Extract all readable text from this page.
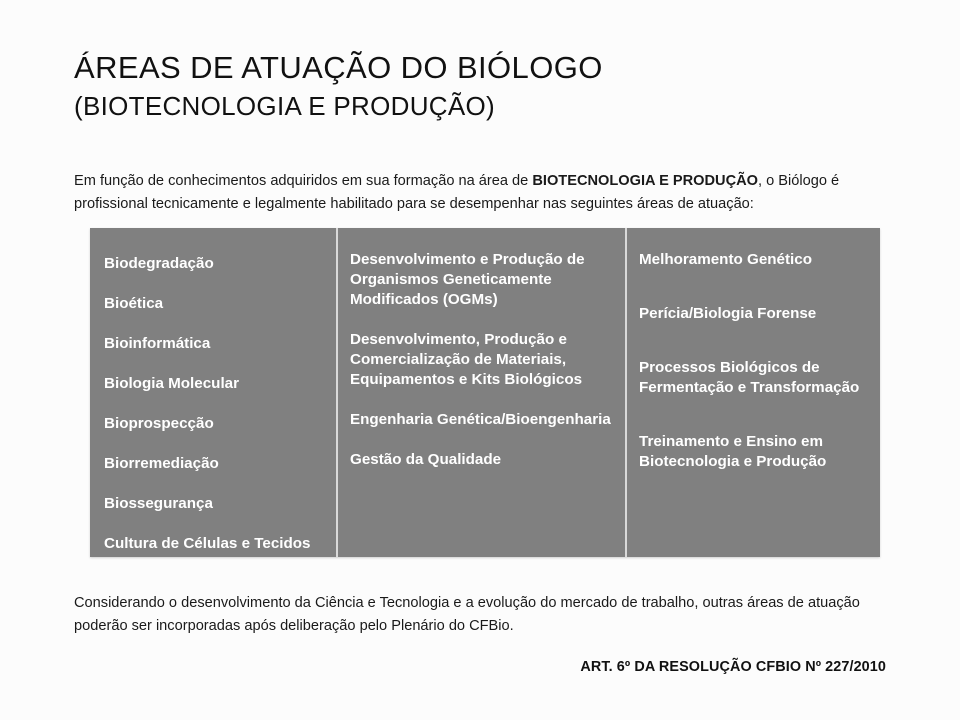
ÁREAS DE ATUAÇÃO DO BIÓLOGO
(BIOTECNOLOGIA E PRODUÇÃO)

Em função de conhecimentos adquiridos em sua formação na área de BIOTECNOLOGIA E PRODUÇÃO, o Biólogo é profissional tecnicamente e legalmente habilitado para se desempenhar nas seguintes áreas de atuação:

Biodegradação
Bioética
Bioinformática
Biologia Molecular
Bioprospecção
Biorremediação
Biossegurança
Cultura de Células e Tecidos
Desenvolvimento e Produção de Organismos Geneticamente Modificados (OGMs)
Desenvolvimento, Produção e Comercialização de Materiais, Equipamentos e Kits Biológicos
Engenharia Genética/Bioengenharia
Gestão da Qualidade
Melhoramento Genético
Perícia/Biologia Forense
Processos Biológicos de Fermentação e Transformação
Treinamento e Ensino em Biotecnologia e Produção

Considerando o desenvolvimento da Ciência e Tecnologia e a evolução do mercado de trabalho, outras áreas de atuação poderão ser incorporadas após deliberação pelo Plenário do CFBio.

ART. 6º DA RESOLUÇÃO CFBIO Nº 227/2010
